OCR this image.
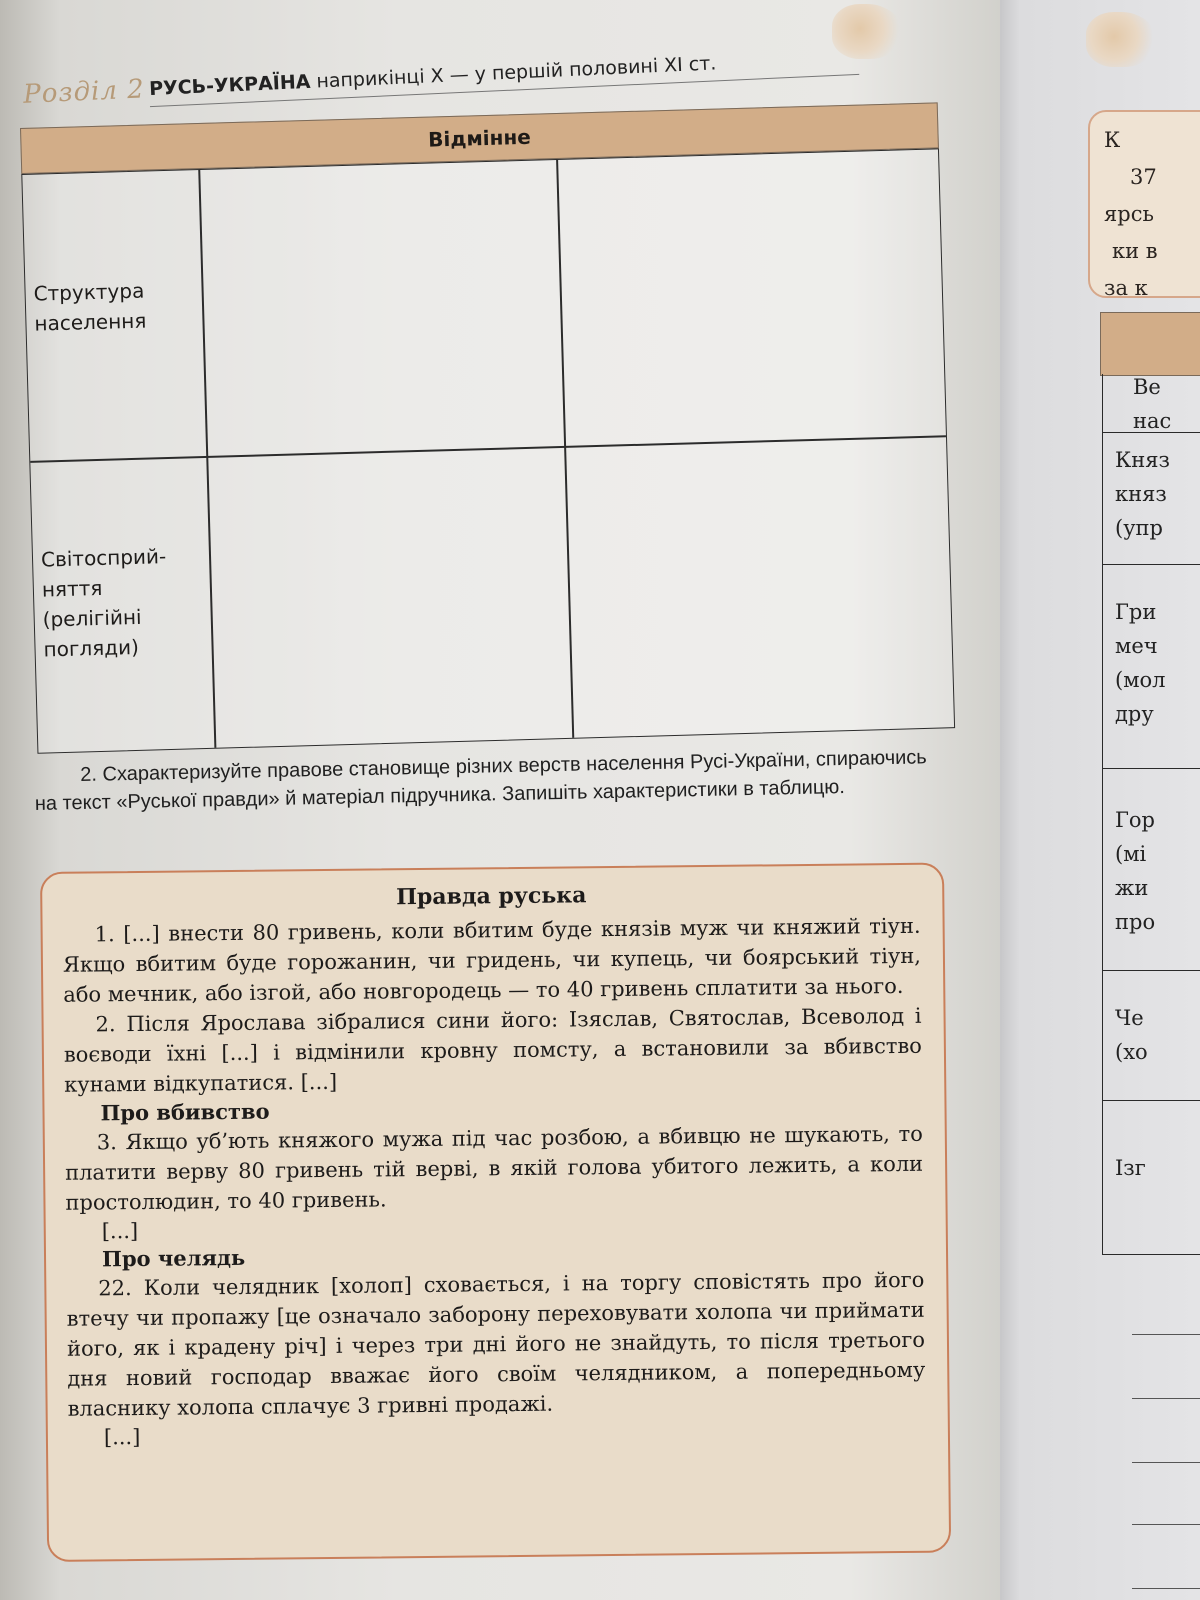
Розділ 2 РУСЬ-УКРАЇНА наприкінці X — у першій половині XI ст.
Відмінне
Структура
населення
Світосприй-
няття
(релігійні
погляди)
2. Схарактеризуйте правове становище різних верств населення Русі-України, спираючись на текст «Руської правди» й матеріал підручника. Запишіть характеристики в таблицю.
Правда руська

1. [...] внести 80 гривень, коли вбитим буде князів муж чи княжий тіун. Якщо вбитим буде горожанин, чи гридень, чи купець, чи боярський тіун, або мечник, або ізгой, або новгородець — то 40 гривень сплатити за нього.

2. Після Ярослава зібралися сини його: Ізяслав, Святослав, Всеволод і воєводи їхні [...] і відмінили кровну помсту, а встановили за вбивство кунами відкупатися. [...]

Про вбивство

3. Якщо уб’ють княжого мужа під час розбою, а вбивцю не шукають, то платити верву 80 гривень тій верві, в якій голова убитого лежить, а коли простолюдин, то 40 гривень.

[...]
Про челядь

22. Коли челядник [холоп] сховається, і на торгу сповістять про його втечу чи пропажу [це означало заборону переховувати холопа чи приймати його, як і крадену річ] і через три дні його не знайдуть, то після третього дня новий господар вважає його своїм челядником, а попередньому власнику холопа сплачує 3 гривні продажі.

[...]
К
37
ярсь
ки в
за к
Ве
нас
Княз
княз
(упр
Гри
меч
(мол
дру
Гор
(мі
жи
про
Че
(хо
Ізг
